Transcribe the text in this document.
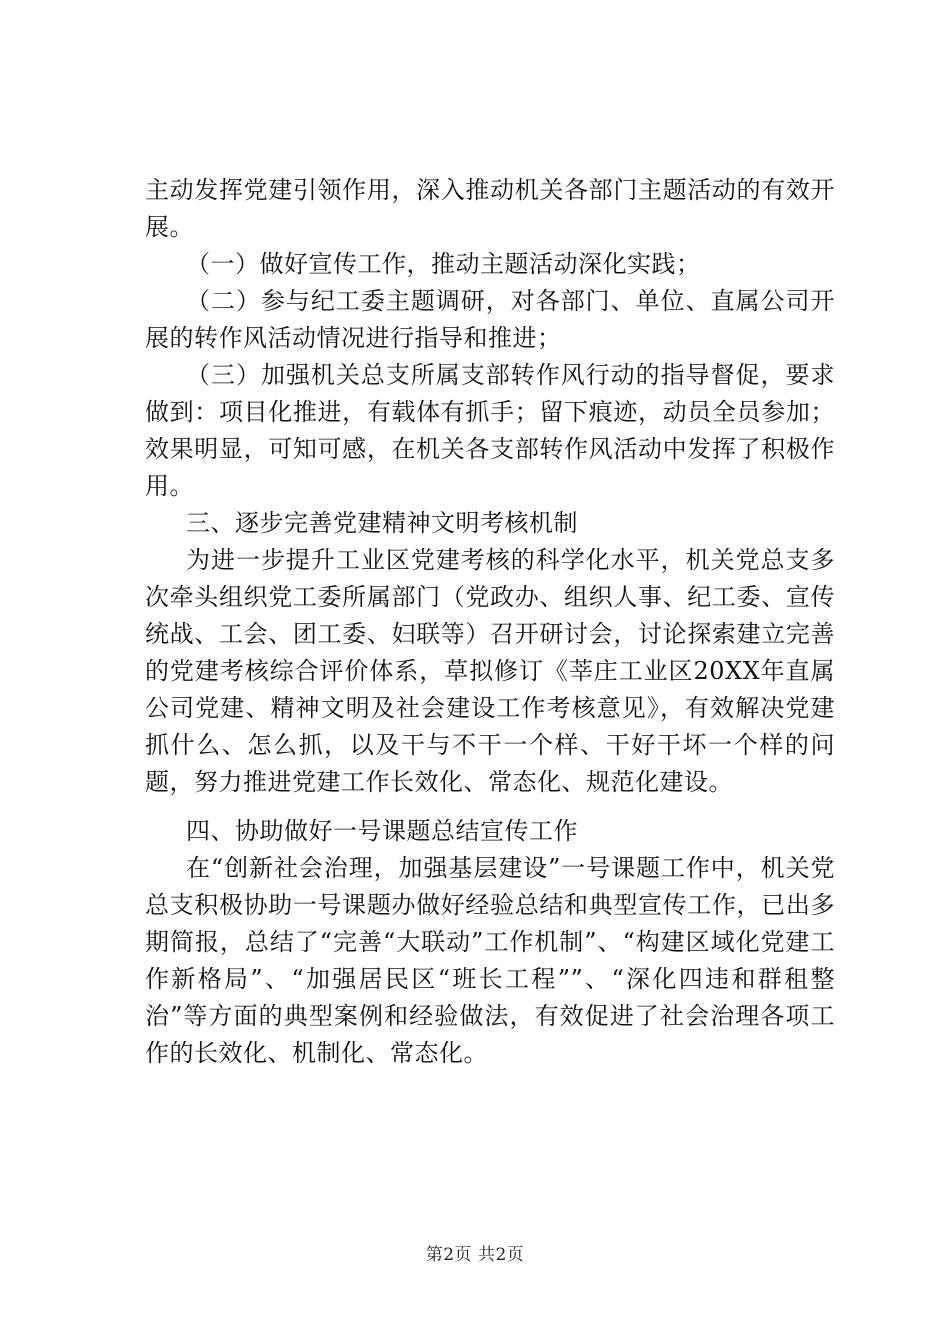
主动发挥党建引领作用，深入推动机关各部门主题活动的有效开展。

（一）做好宣传工作，推动主题活动深化实践；

（二）参与纪工委主题调研，对各部门、单位、直属公司开展的转作风活动情况进行指导和推进；

（三）加强机关总支所属支部转作风行动的指导督促，要求做到：项目化推进，有载体有抓手；留下痕迹，动员全员参加；效果明显，可知可感，在机关各支部转作风活动中发挥了积极作用。

三、逐步完善党建精神文明考核机制

为进一步提升工业区党建考核的科学化水平，机关党总支多次牵头组织党工委所属部门（党政办、组织人事、纪工委、宣传统战、工会、团工委、妇联等）召开研讨会，讨论探索建立完善的党建考核综合评价体系，草拟修订《莘庄工业区20XX年直属公司党建、精神文明及社会建设工作考核意见》，有效解决党建抓什么、怎么抓，以及干与不干一个样、干好干坏一个样的问题，努力推进党建工作长效化、常态化、规范化建设。

四、协助做好一号课题总结宣传工作

在“创新社会治理，加强基层建设”一号课题工作中，机关党总支积极协助一号课题办做好经验总结和典型宣传工作，已出多期简报，总结了“完善“大联动”工作机制”、“构建区域化党建工作新格局”、“加强居民区“班长工程””、“深化四违和群租整治”等方面的典型案例和经验做法，有效促进了社会治理各项工作的长效化、机制化、常态化。

第2页 共2页
